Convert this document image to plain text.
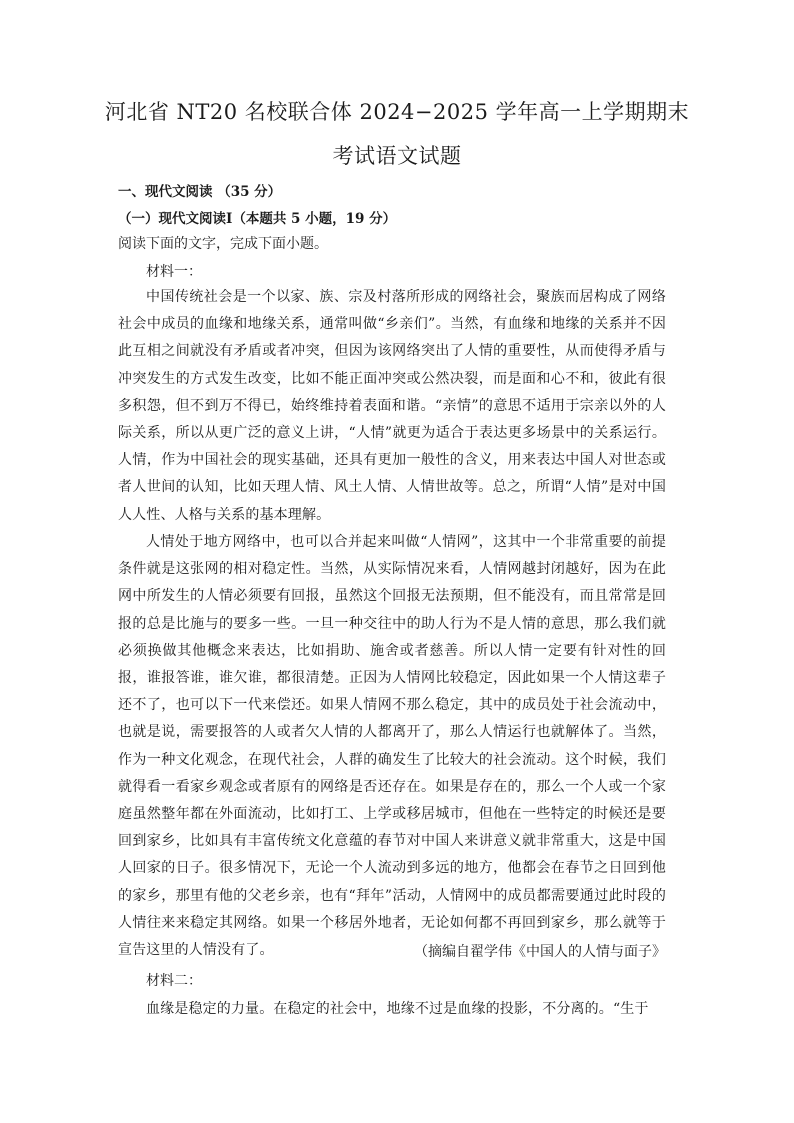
河北省 NT20 名校联合体 2024−2025 学年高一上学期期末
考试语文试题
一、现代文阅读 （35 分）
（一）现代文阅读Ⅰ（本题共 5 小题，19 分）
阅读下面的文字，完成下面小题。
材料一：

中国传统社会是一个以家、族、宗及村落所形成的网络社会，聚族而居构成了网络社会中成员的血缘和地缘关系，通常叫做“乡亲们”。当然，有血缘和地缘的关系并不因此互相之间就没有矛盾或者冲突，但因为该网络突出了人情的重要性，从而使得矛盾与冲突发生的方式发生改变，比如不能正面冲突或公然决裂，而是面和心不和，彼此有很多积怨，但不到万不得已，始终维持着表面和谐。“亲情”的意思不适用于宗亲以外的人际关系，所以从更广泛的意义上讲，“人情”就更为适合于表达更多场景中的关系运行。人情，作为中国社会的现实基础，还具有更加一般性的含义，用来表达中国人对世态或者人世间的认知，比如天理人情、风土人情、人情世故等。总之，所谓“人情”是对中国人人性、人格与关系的基本理解。

人情处于地方网络中，也可以合并起来叫做“人情网”，这其中一个非常重要的前提条件就是这张网的相对稳定性。当然，从实际情况来看，人情网越封闭越好，因为在此网中所发生的人情必须要有回报，虽然这个回报无法预期，但不能没有，而且常常是回报的总是比施与的要多一些。一旦一种交往中的助人行为不是人情的意思，那么我们就必须换做其他概念来表达，比如捐助、施舍或者慈善。所以人情一定要有针对性的回报，谁报答谁，谁欠谁，都很清楚。正因为人情网比较稳定，因此如果一个人情这辈子还不了，也可以下一代来偿还。如果人情网不那么稳定，其中的成员处于社会流动中，也就是说，需要报答的人或者欠人情的人都离开了，那么人情运行也就解体了。当然，作为一种文化观念，在现代社会，人群的确发生了比较大的社会流动。这个时候，我们就得看一看家乡观念或者原有的网络是否还存在。如果是存在的，那么一个人或一个家庭虽然整年都在外面流动，比如打工、上学或移居城市，但他在一些特定的时候还是要回到家乡，比如具有丰富传统文化意蕴的春节对中国人来讲意义就非常重大，这是中国人回家的日子。很多情况下，无论一个人流动到多远的地方，他都会在春节之日回到他的家乡，那里有他的父老乡亲，也有“拜年”活动，人情网中的成员都需要通过此时段的人情往来来稳定其网络。如果一个移居外地者，无论如何都不再回到家乡，那么就等于宣告这里的人情没有了。	（摘编自翟学伟《中国人的人情与面子》
材料二：

血缘是稳定的力量。在稳定的社会中，地缘不过是血缘的投影，不分离的。“生于
